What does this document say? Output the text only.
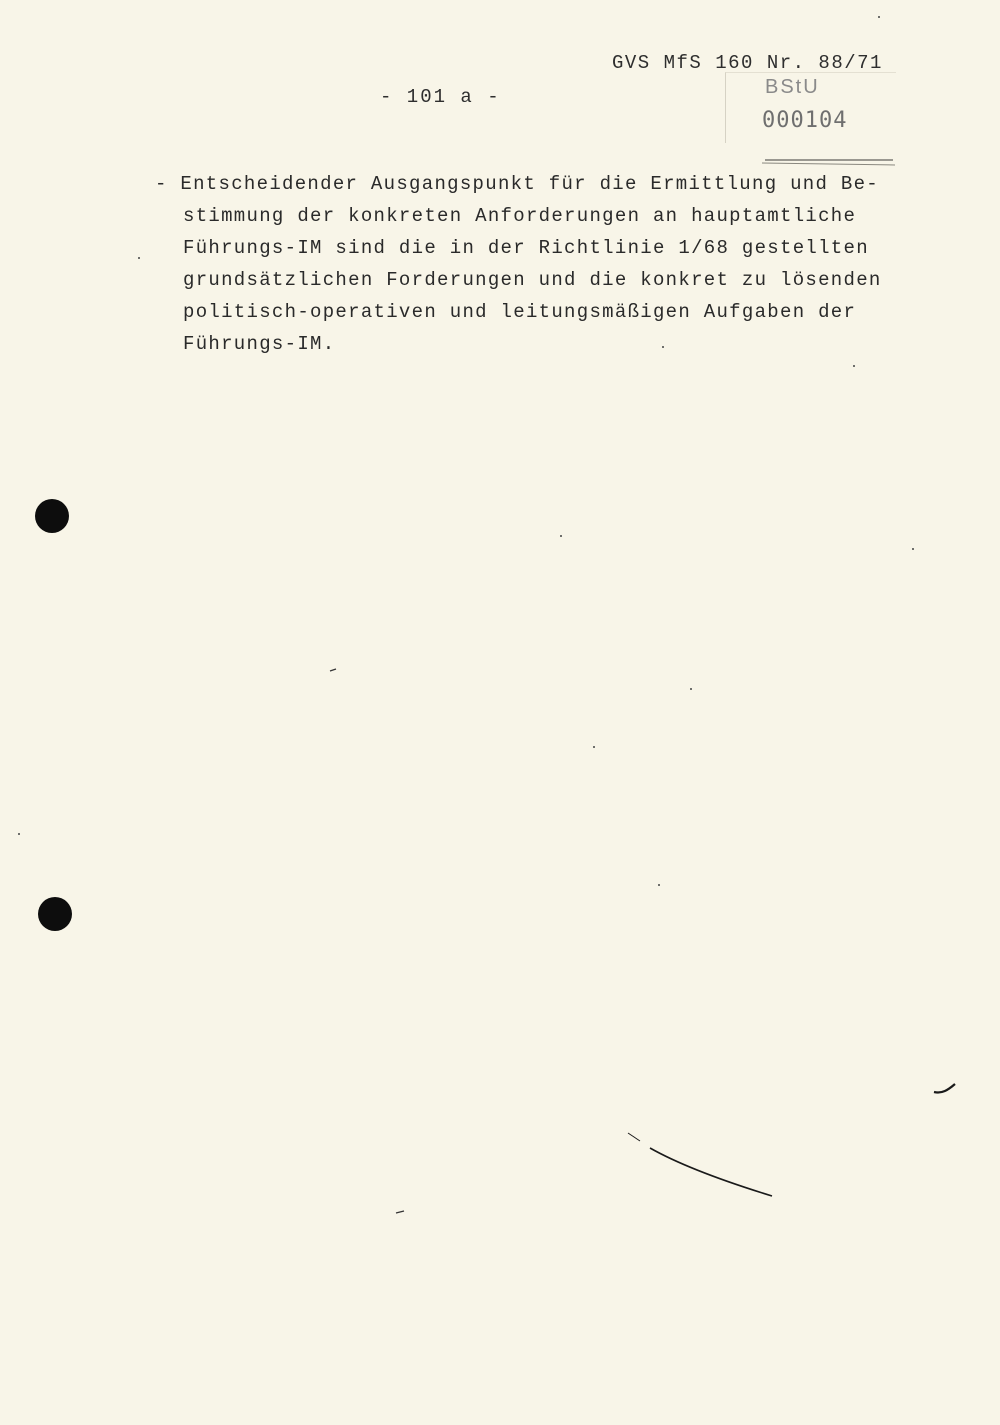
GVS MfS 160 Nr. 88/71
- 101 a -	BStU
000104
- Entscheidender Ausgangspunkt für die Ermittlung und Be-
stimmung der konkreten Anforderungen an hauptamtliche
Führungs-IM sind die in der Richtlinie 1/68 gestellten
grundsätzlichen Forderungen und die konkret zu lösenden
politisch-operativen und leitungsmäßigen Aufgaben der
Führungs-IM.
